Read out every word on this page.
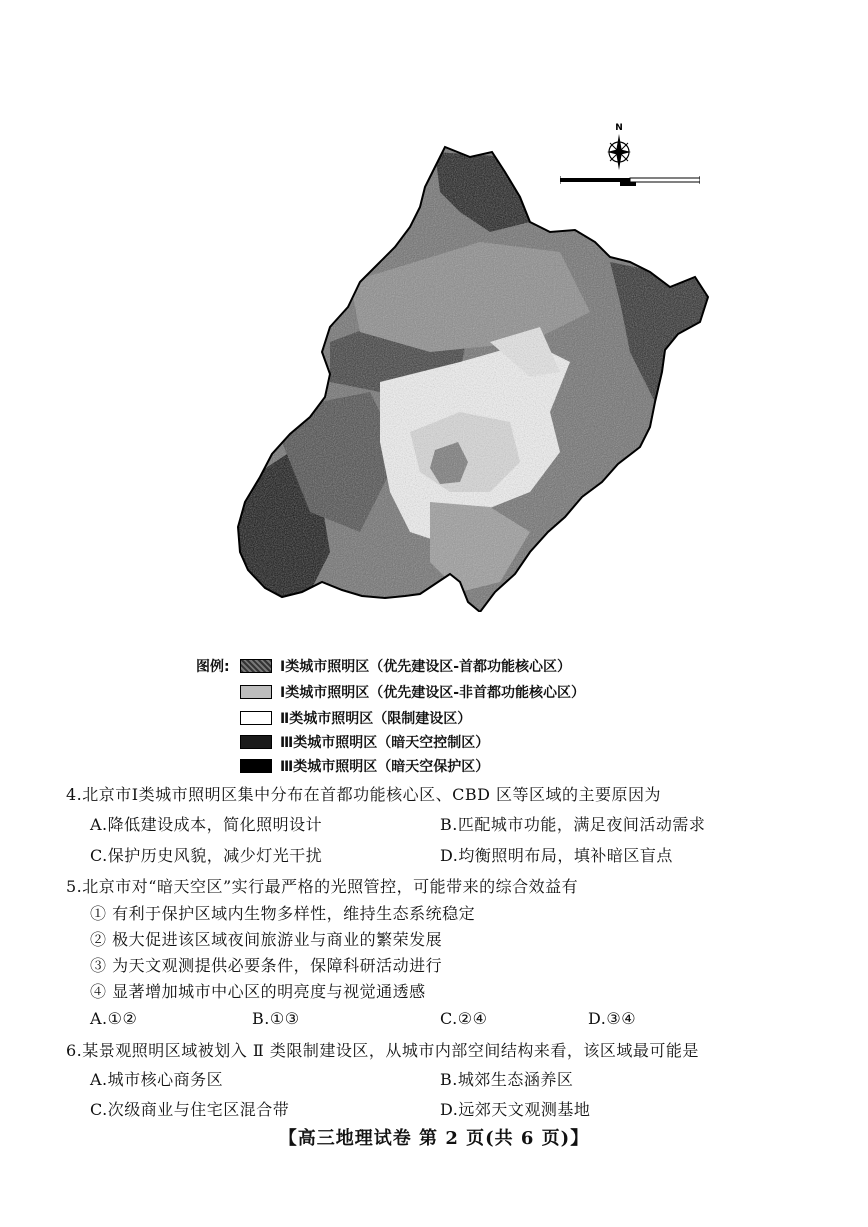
N
图例:	Ⅰ类城市照明区（优先建设区-首都功能核心区）
Ⅰ类城市照明区（优先建设区-非首都功能核心区）
Ⅱ类城市照明区（限制建设区）
Ⅲ类城市照明区（暗天空控制区）
Ⅲ类城市照明区（暗天空保护区）
4.北京市Ⅰ类城市照明区集中分布在首都功能核心区、CBD 区等区域的主要原因为
A.降低建设成本，简化照明设计	B.匹配城市功能，满足夜间活动需求
C.保护历史风貌，减少灯光干扰	D.均衡照明布局，填补暗区盲点
5.北京市对“暗天空区”实行最严格的光照管控，可能带来的综合效益有
① 有利于保护区域内生物多样性，维持生态系统稳定
② 极大促进该区域夜间旅游业与商业的繁荣发展
③ 为天文观测提供必要条件，保障科研活动进行
④ 显著增加城市中心区的明亮度与视觉通透感
A.①②	B.①③	C.②④	D.③④
6.某景观照明区域被划入 Ⅱ 类限制建设区，从城市内部空间结构来看，该区域最可能是
A.城市核心商务区	B.城郊生态涵养区
C.次级商业与住宅区混合带	D.远郊天文观测基地
【高三地理试卷 第 2 页(共 6 页)】
